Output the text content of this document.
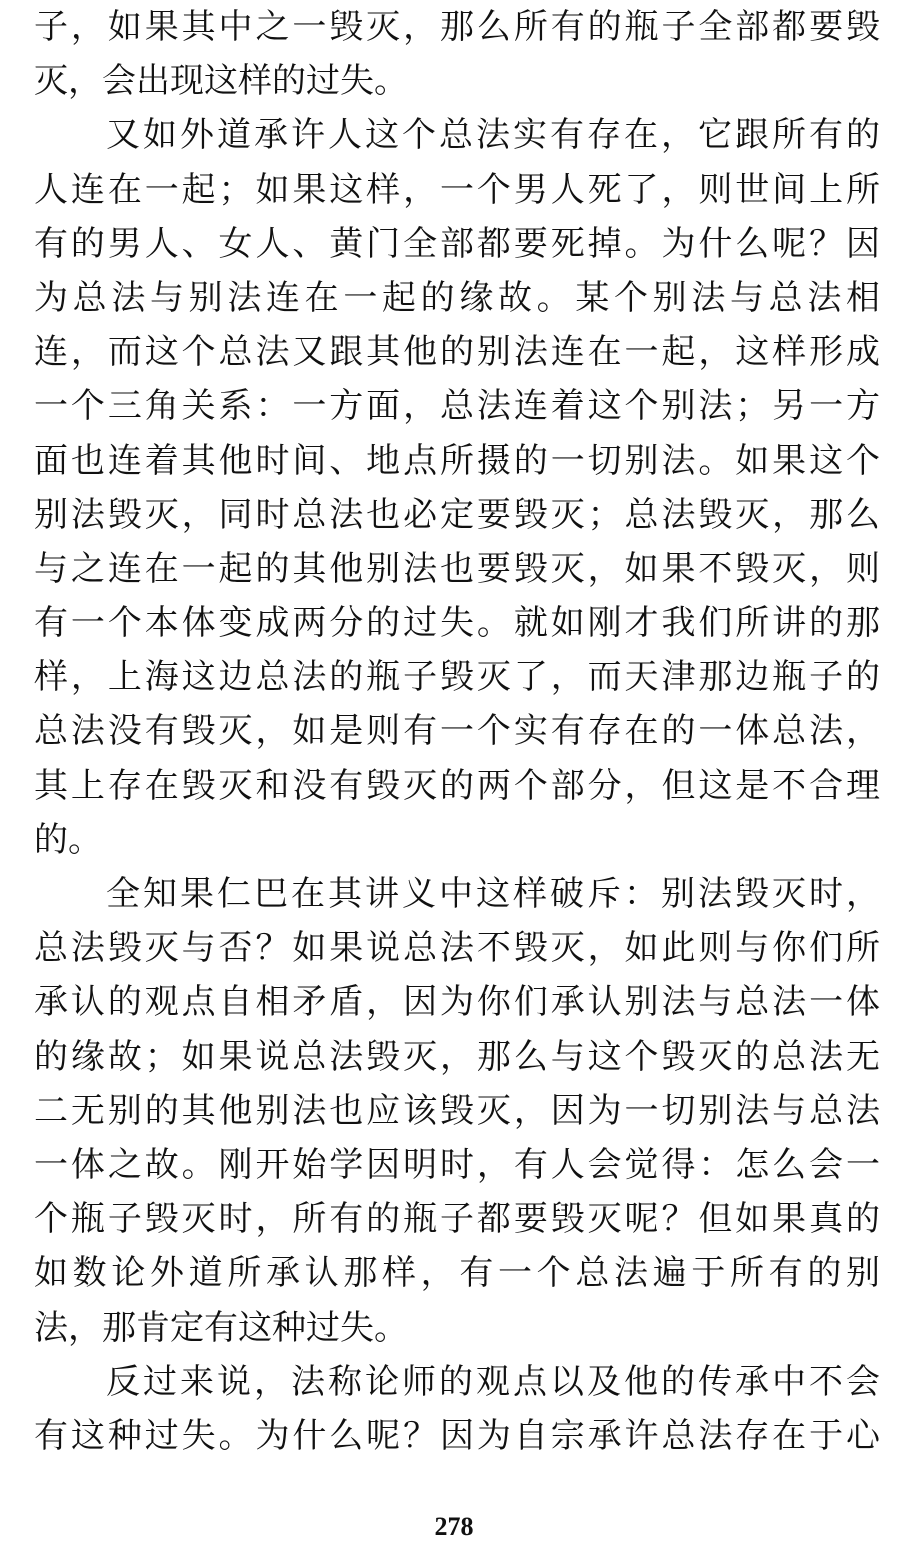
子，如果其中之一毁灭，那么所有的瓶子全部都要毁
灭，会出现这样的过失。
又如外道承许人这个总法实有存在，它跟所有的
人连在一起；如果这样，一个男人死了，则世间上所
有的男人、女人、黄门全部都要死掉。为什么呢？因
为总法与别法连在一起的缘故。某个别法与总法相
连，而这个总法又跟其他的别法连在一起，这样形成
一个三角关系：一方面，总法连着这个别法；另一方
面也连着其他时间、地点所摄的一切别法。如果这个
别法毁灭，同时总法也必定要毁灭；总法毁灭，那么
与之连在一起的其他别法也要毁灭，如果不毁灭，则
有一个本体变成两分的过失。就如刚才我们所讲的那
样，上海这边总法的瓶子毁灭了，而天津那边瓶子的
总法没有毁灭，如是则有一个实有存在的一体总法，
其上存在毁灭和没有毁灭的两个部分，但这是不合理
的。
全知果仁巴在其讲义中这样破斥：别法毁灭时，
总法毁灭与否？如果说总法不毁灭，如此则与你们所
承认的观点自相矛盾，因为你们承认别法与总法一体
的缘故；如果说总法毁灭，那么与这个毁灭的总法无
二无别的其他别法也应该毁灭，因为一切别法与总法
一体之故。刚开始学因明时，有人会觉得：怎么会一
个瓶子毁灭时，所有的瓶子都要毁灭呢？但如果真的
如数论外道所承认那样，有一个总法遍于所有的别
法，那肯定有这种过失。
反过来说，法称论师的观点以及他的传承中不会
有这种过失。为什么呢？因为自宗承许总法存在于心
278
